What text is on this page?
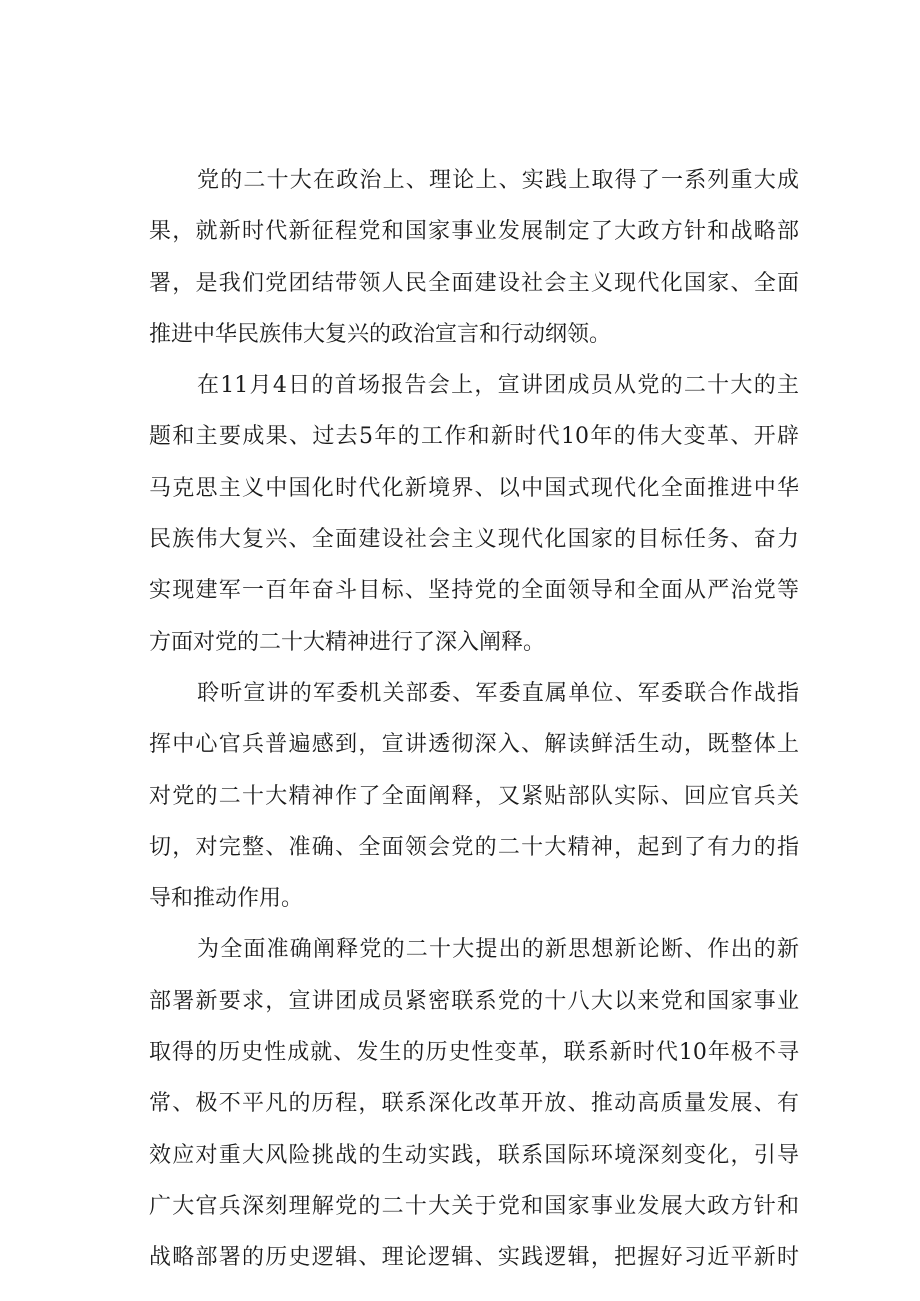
党的二十大在政治上、理论上、实践上取得了一系列重大成
果，就新时代新征程党和国家事业发展制定了大政方针和战略部
署，是我们党团结带领人民全面建设社会主义现代化国家、全面
推进中华民族伟大复兴的政治宣言和行动纲领。
在11月4日的首场报告会上，宣讲团成员从党的二十大的主
题和主要成果、过去5年的工作和新时代10年的伟大变革、开辟
马克思主义中国化时代化新境界、以中国式现代化全面推进中华
民族伟大复兴、全面建设社会主义现代化国家的目标任务、奋力
实现建军一百年奋斗目标、坚持党的全面领导和全面从严治党等
方面对党的二十大精神进行了深入阐释。
聆听宣讲的军委机关部委、军委直属单位、军委联合作战指
挥中心官兵普遍感到，宣讲透彻深入、解读鲜活生动，既整体上
对党的二十大精神作了全面阐释，又紧贴部队实际、回应官兵关
切，对完整、准确、全面领会党的二十大精神，起到了有力的指
导和推动作用。
为全面准确阐释党的二十大提出的新思想新论断、作出的新
部署新要求，宣讲团成员紧密联系党的十八大以来党和国家事业
取得的历史性成就、发生的历史性变革，联系新时代10年极不寻
常、极不平凡的历程，联系深化改革开放、推动高质量发展、有
效应对重大风险挑战的生动实践，联系国际环境深刻变化，引导
广大官兵深刻理解党的二十大关于党和国家事业发展大政方针和
战略部署的历史逻辑、理论逻辑、实践逻辑，把握好习近平新时
